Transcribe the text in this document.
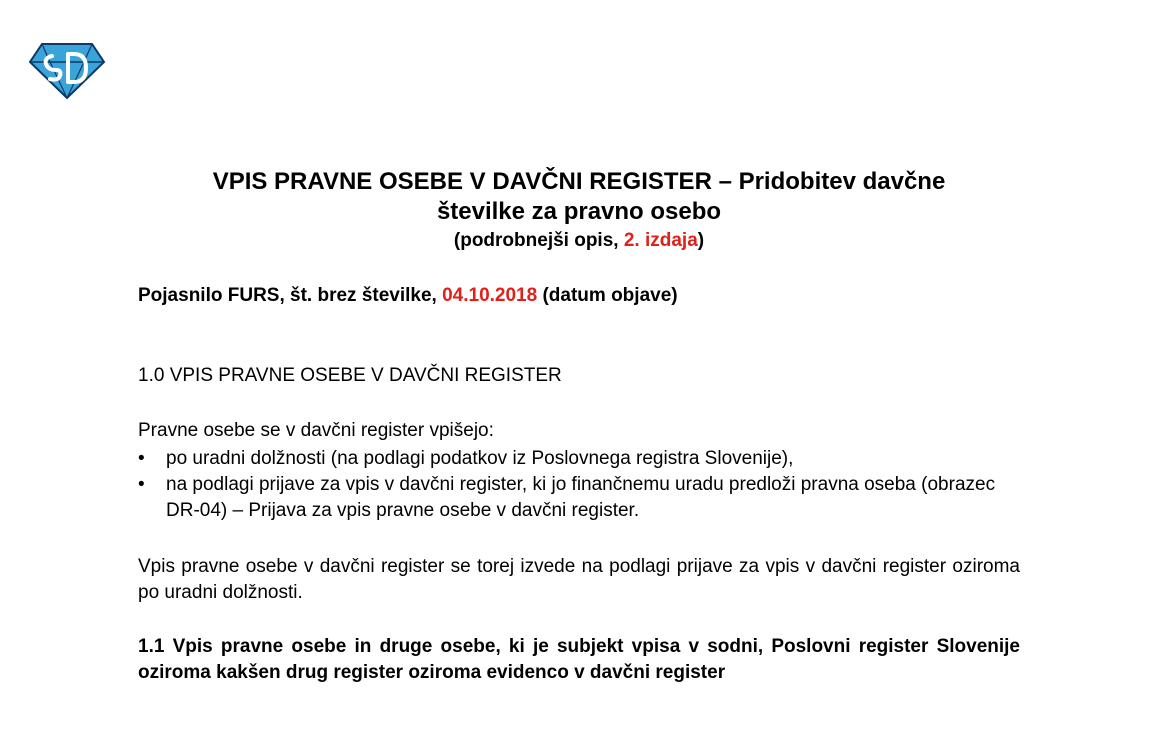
VPIS PRAVNE OSEBE V DAVČNI REGISTER – Pridobitev davčne
številke za pravno osebo
(podrobnejši opis, 2. izdaja)
Pojasnilo FURS, št. brez številke, 04.10.2018 (datum objave)
1.0 VPIS PRAVNE OSEBE V DAVČNI REGISTER
Pravne osebe se v davčni register vpišejo:
• po uradni dolžnosti (na podlagi podatkov iz Poslovnega registra Slovenije),
• na podlagi prijave za vpis v davčni register, ki jo finančnemu uradu predloži pravna oseba (obrazec DR-04) – Prijava za vpis pravne osebe v davčni register.
Vpis pravne osebe v davčni register se torej izvede na podlagi prijave za vpis v davčni register oziroma po uradni dolžnosti.
1.1 Vpis pravne osebe in druge osebe, ki je subjekt vpisa v sodni, Poslovni register Slovenije oziroma kakšen drug register oziroma evidenco v davčni register
